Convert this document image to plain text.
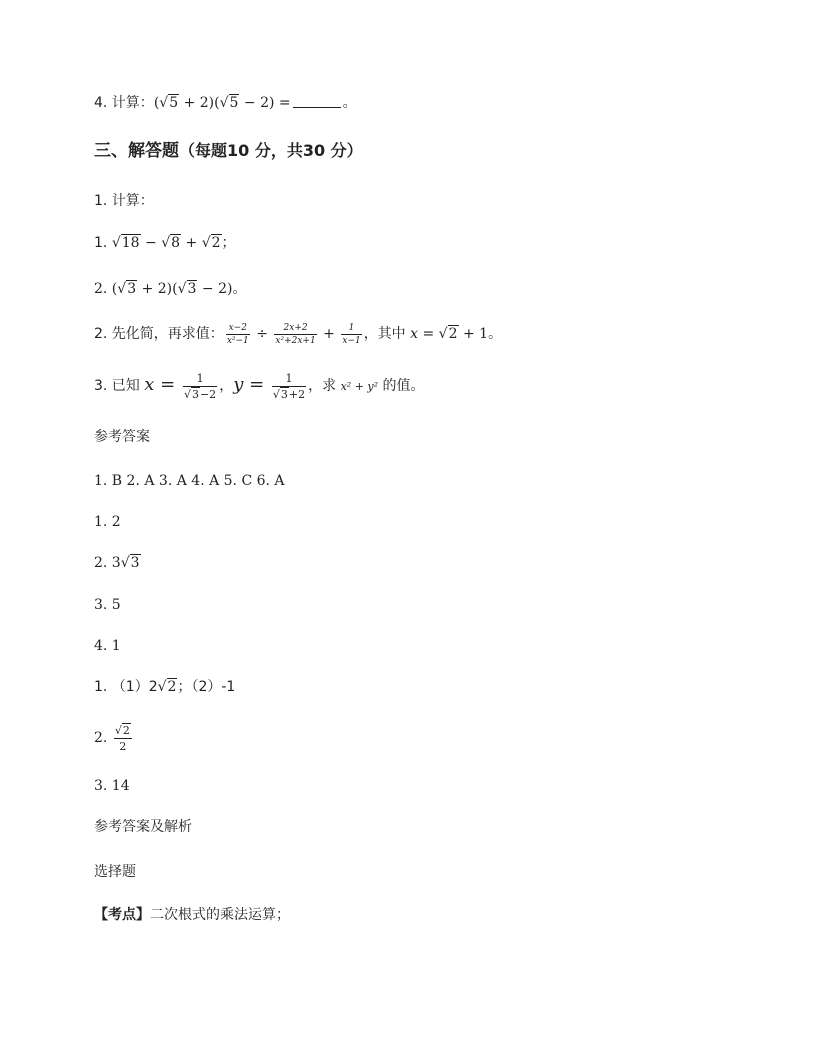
4. 计算：(√5 + 2)(√5 − 2) =	。
三、解答题（每题10 分，共30 分）
1. 计算：
1. √18 − √8 + √2；
2. (√3 + 2)(√3 − 2)。
2. 先化简，再求值： $\frac{x-2}{\text{x²−1}} \div \frac{2x+2}{\text{x²+2x+1}} + \frac{1}{x-1}$ ，其中 x = √2 + 1。
3. 已知 $x = \frac{1}{√3-2}$ ，$y = \frac{1}{√3+2}$ ，求 x² + y² 的值。
参考答案
1. B 2. A 3. A 4. A 5. C 6. A
1. 2
2. 3√3
3. 5
4. 1
1. （1）2√2；（2）-1
2. $\frac{√2}{2}$
3. 14
参考答案及解析
选择题
【考点】二次根式的乘法运算；
